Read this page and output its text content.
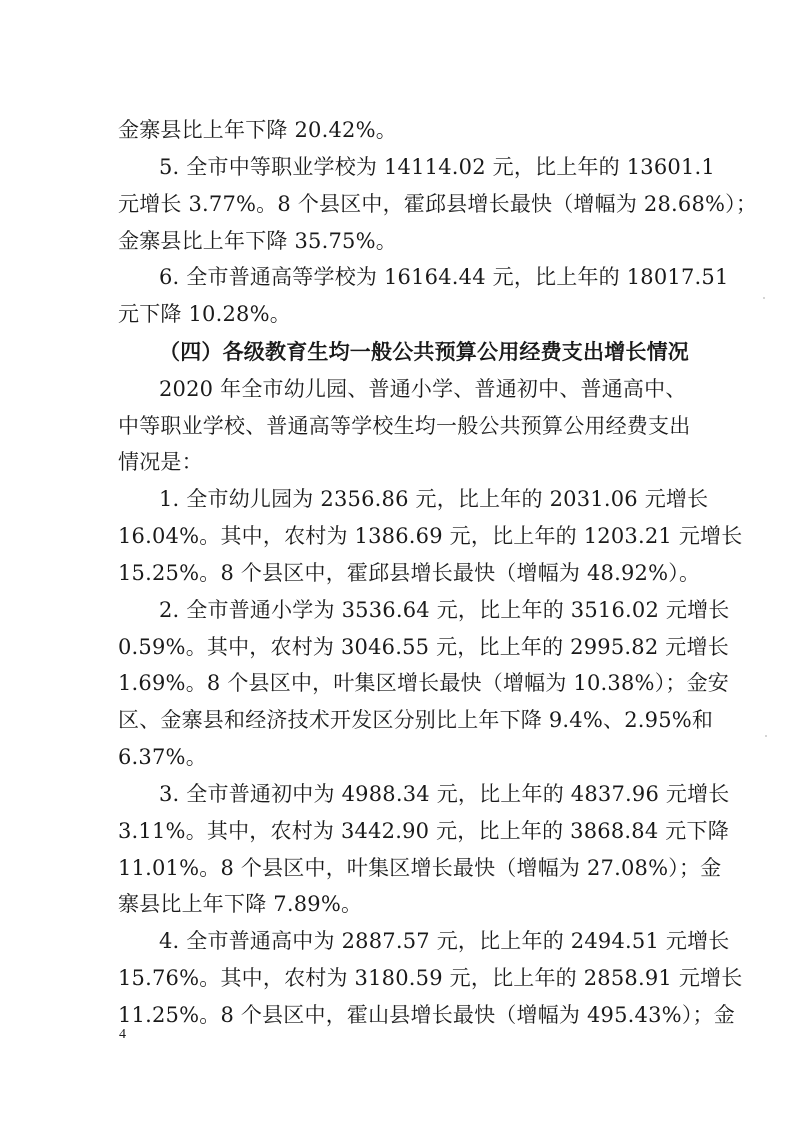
金寨县比上年下降 20.42%。
5. 全市中等职业学校为 14114.02 元，比上年的 13601.1
元增长 3.77%。8 个县区中，霍邱县增长最快（增幅为 28.68%）；
金寨县比上年下降 35.75%。
6. 全市普通高等学校为 16164.44 元，比上年的 18017.51
元下降 10.28%。
（四）各级教育生均一般公共预算公用经费支出增长情况
2020 年全市幼儿园、普通小学、普通初中、普通高中、
中等职业学校、普通高等学校生均一般公共预算公用经费支出
情况是：
1. 全市幼儿园为 2356.86 元，比上年的 2031.06 元增长
16.04%。其中，农村为 1386.69 元，比上年的 1203.21 元增长
15.25%。8 个县区中，霍邱县增长最快（增幅为 48.92%）。
2. 全市普通小学为 3536.64 元，比上年的 3516.02 元增长
0.59%。其中，农村为 3046.55 元，比上年的 2995.82 元增长
1.69%。8 个县区中，叶集区增长最快（增幅为 10.38%）；金安
区、金寨县和经济技术开发区分别比上年下降 9.4%、2.95%和
6.37%。
3. 全市普通初中为 4988.34 元，比上年的 4837.96 元增长
3.11%。其中，农村为 3442.90 元，比上年的 3868.84 元下降
11.01%。8 个县区中，叶集区增长最快（增幅为 27.08%）；金
寨县比上年下降 7.89%。
4. 全市普通高中为 2887.57 元，比上年的 2494.51 元增长
15.76%。其中，农村为 3180.59 元，比上年的 2858.91 元增长
11.25%。8 个县区中，霍山县增长最快（增幅为 495.43%）；金
4
